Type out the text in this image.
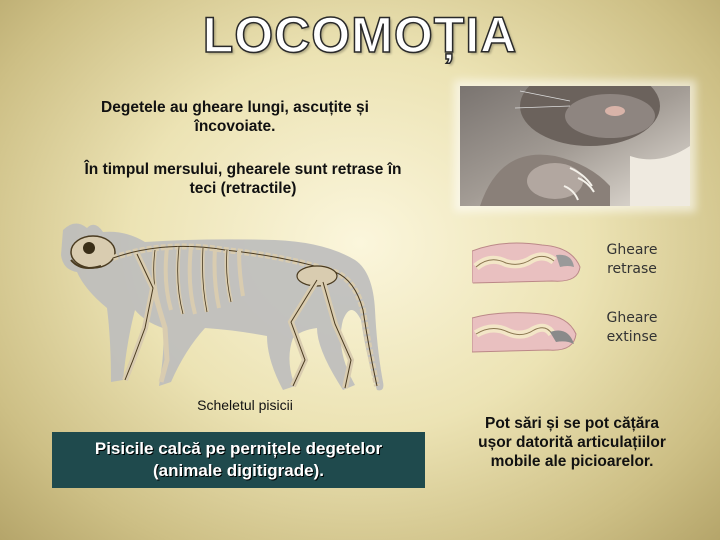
LOCOMOȚIA
Degetele au gheare lungi, ascuțite și
încovoiate.
În timpul mersului, ghearele sunt retrase în
teci (retractile)
Scheletul pisicii
Pisicile calcă pe pernițele degetelor
(animale digitigrade).
Gheare
retrase
Gheare
extinse
Pot sări și se pot cățăra
ușor datorită articulațiilor
mobile ale picioarelor.
